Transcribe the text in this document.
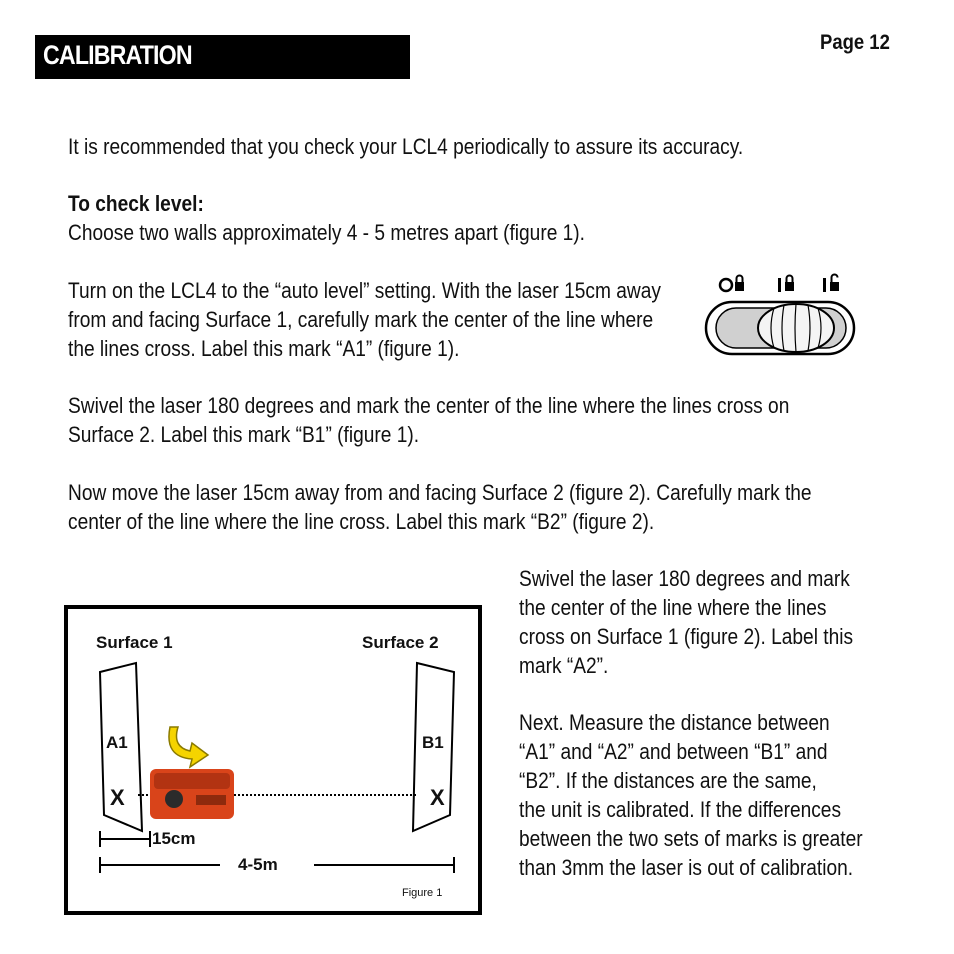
CALIBRATION	Page 12

It is recommended that you check your LCL4 periodically to assure its accuracy.

To check level:

Choose two walls approximately 4 - 5 metres apart (figure 1).

Turn on the LCL4 to the “auto level” setting. With the laser 15cm away

from and facing Surface 1, carefully mark the center of the line where

the lines cross. Label this mark “A1” (figure 1).

Swivel the laser 180 degrees and mark the center of the line where the lines cross on

Surface 2. Label this mark “B1” (figure 1).

Now move the laser 15cm away from and facing Surface 2 (figure 2). Carefully mark the

center of the line where the line cross. Label this mark “B2” (figure 2).

Swivel the laser 180 degrees and mark

the center of the line where the lines

cross on Surface 1 (figure 2). Label this

mark “A2”.

Next. Measure the distance between

“A1” and “A2” and between “B1” and

“B2”. If the distances are the same,

the unit is calibrated. If the differences

between the two sets of marks is greater

than 3mm the laser is out of calibration.

Surface 1	Surface 2
A1	B1
X	X
15cm
4-5m
Figure 1
